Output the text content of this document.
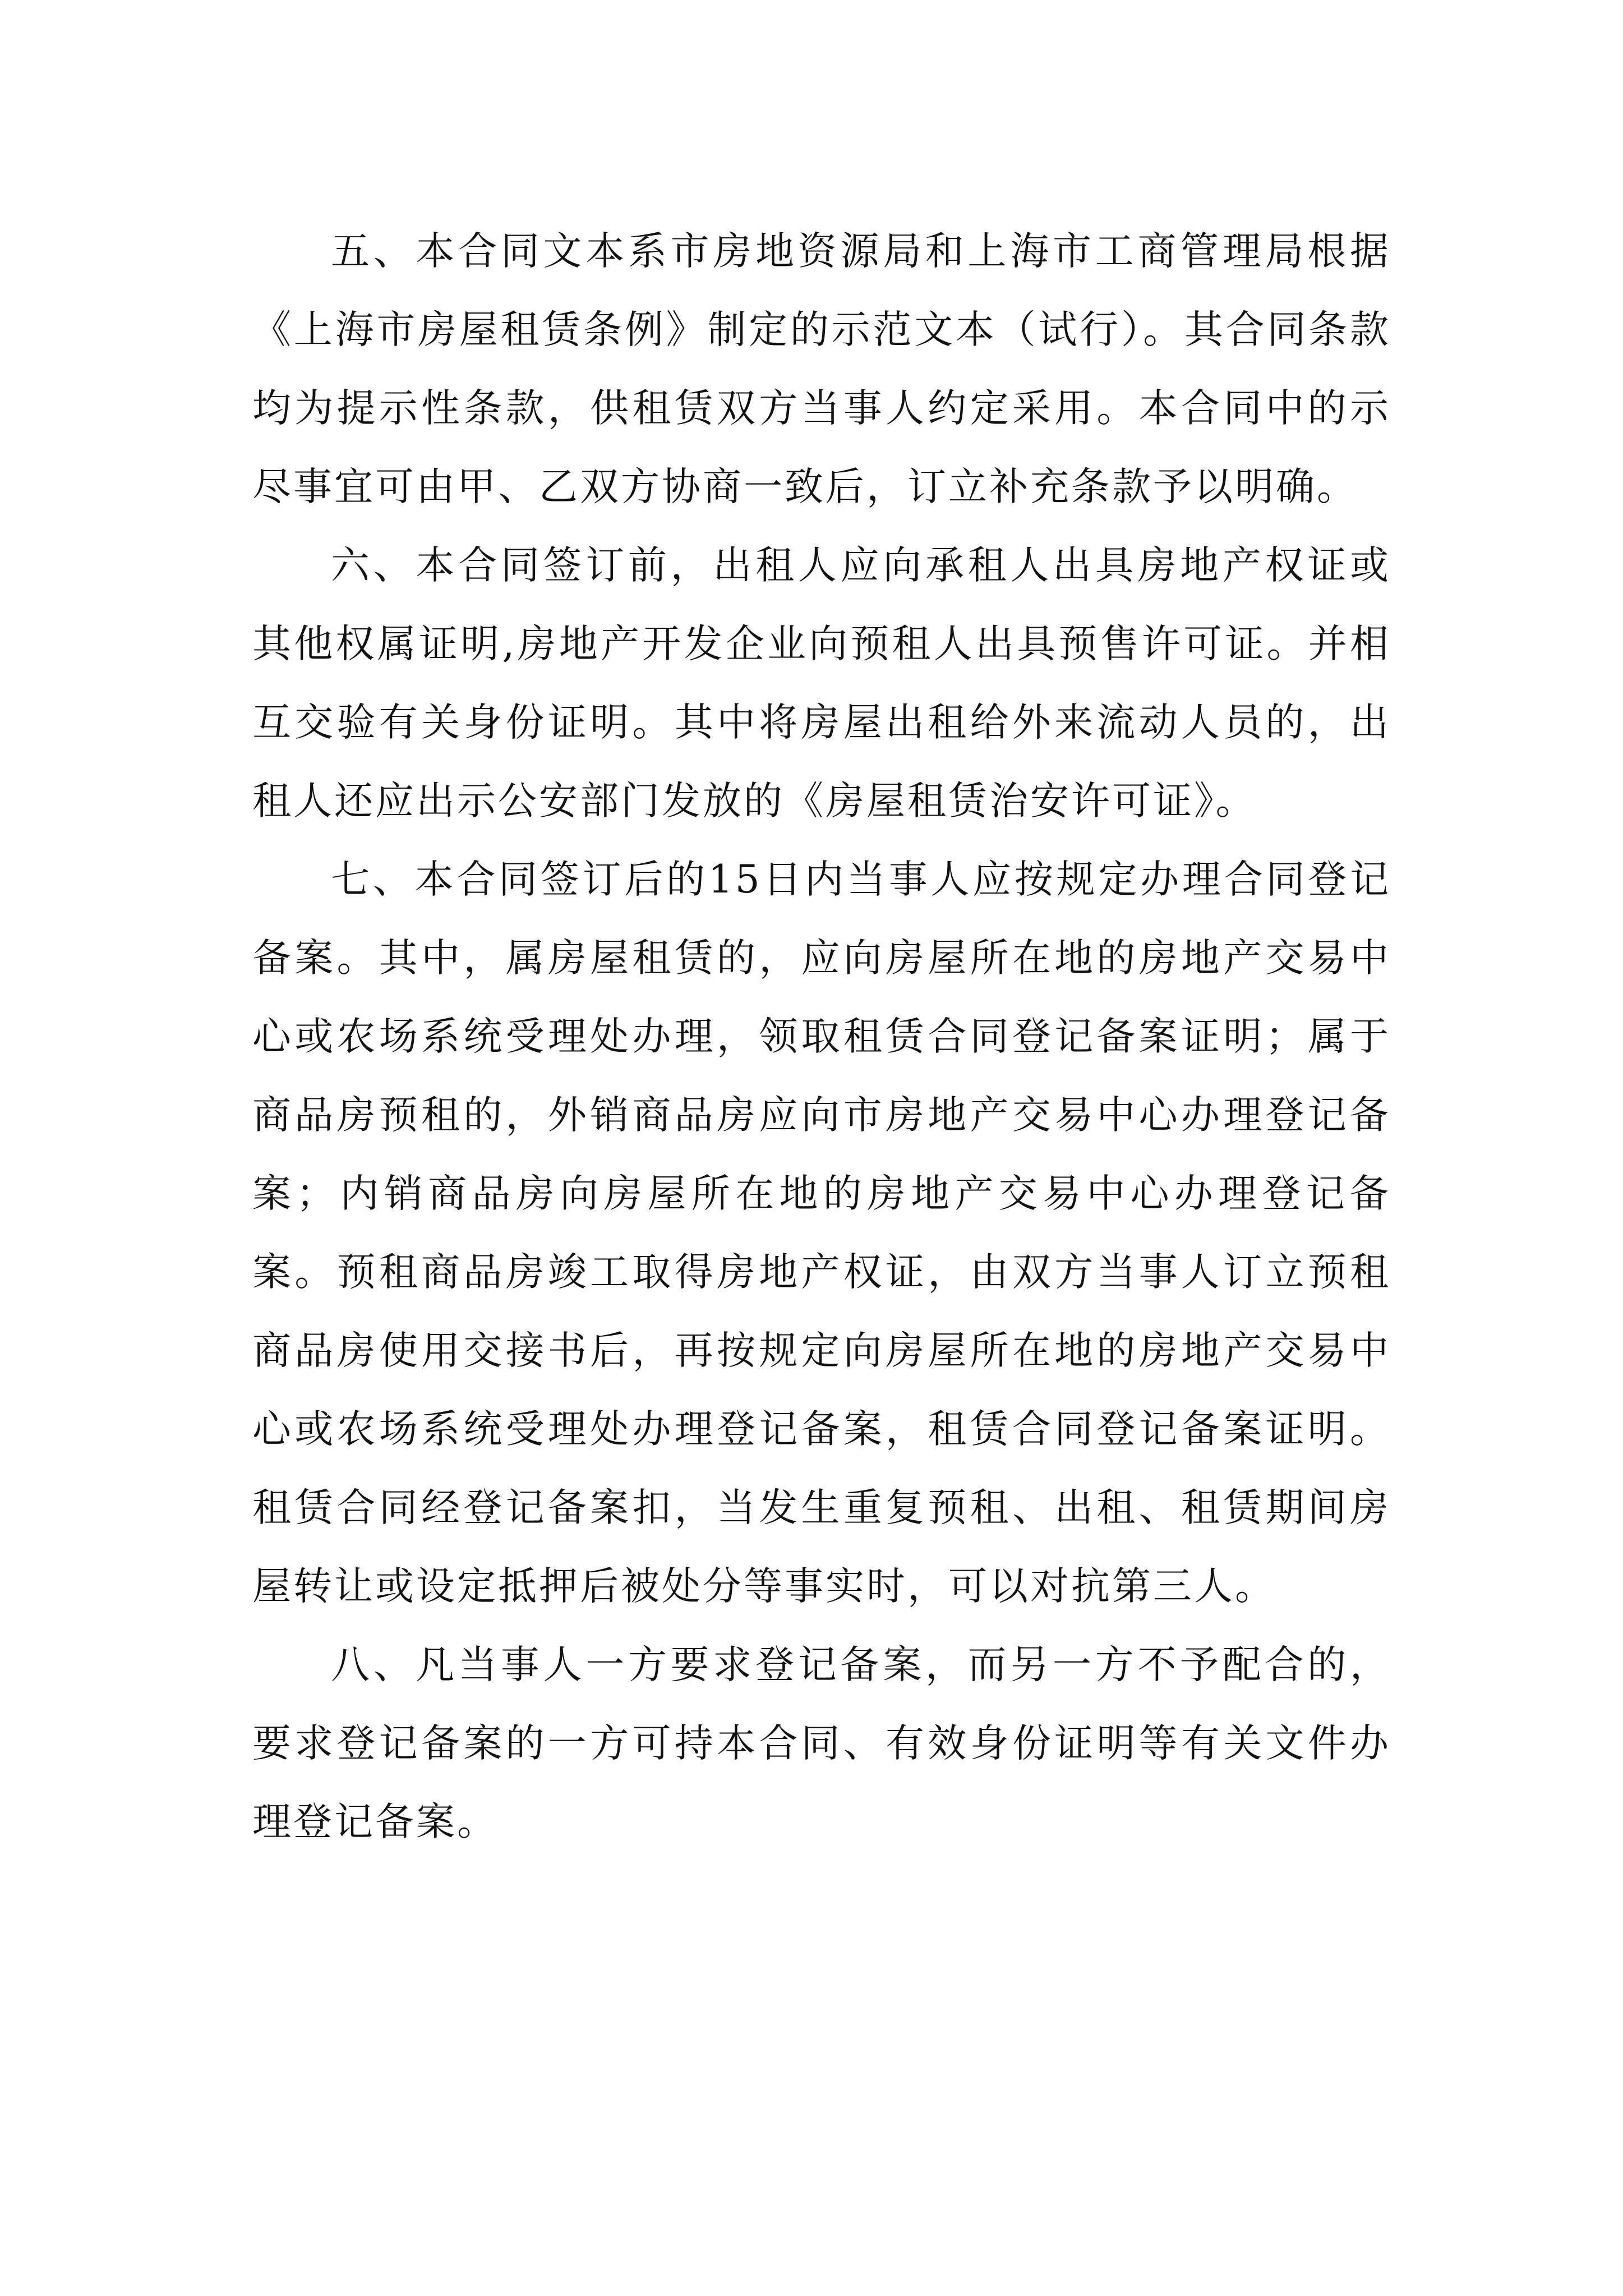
五、本合同文本系市房地资源局和上海市工商管理局根据《上海市房屋租赁条例》制定的示范文本（试行）。其合同条款均为提示性条款，供租赁双方当事人约定采用。本合同中的示尽事宜可由甲、乙双方协商一致后，订立补充条款予以明确。

六、本合同签订前，出租人应向承租人出具房地产权证或其他权属证明,房地产开发企业向预租人出具预售许可证。并相互交验有关身份证明。其中将房屋出租给外来流动人员的，出租人还应出示公安部门发放的《房屋租赁治安许可证》。

七、本合同签订后的15日内当事人应按规定办理合同登记备案。其中，属房屋租赁的，应向房屋所在地的房地产交易中心或农场系统受理处办理，领取租赁合同登记备案证明；属于商品房预租的，外销商品房应向市房地产交易中心办理登记备案；内销商品房向房屋所在地的房地产交易中心办理登记备案。预租商品房竣工取得房地产权证，由双方当事人订立预租商品房使用交接书后，再按规定向房屋所在地的房地产交易中心或农场系统受理处办理登记备案，租赁合同登记备案证明。租赁合同经登记备案扣，当发生重复预租、出租、租赁期间房屋转让或设定抵押后被处分等事实时，可以对抗第三人。

八、凡当事人一方要求登记备案，而另一方不予配合的，要求登记备案的一方可持本合同、有效身份证明等有关文件办理登记备案。
